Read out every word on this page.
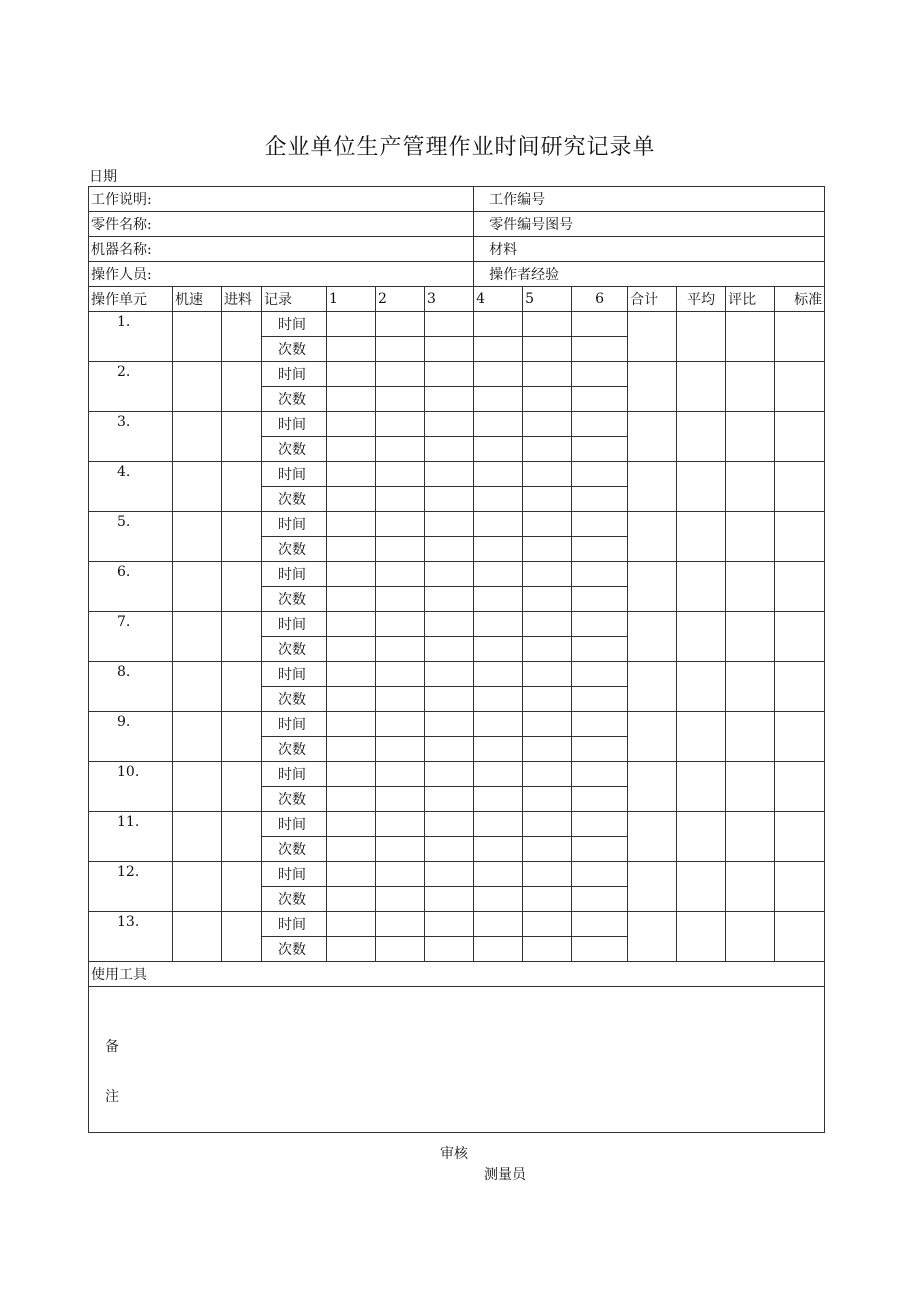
企业单位生产管理作业时间研究记录单
日期
工作说明:							工作编号						
零件名称:							零件编号图号						
机器名称:							材料						
操作人员:							操作者经验						
操作单元	机速	进料	记录	1	2	3	4	5	6	合计	平均	评比	标准
1.			时间										
			次数										
2.			时间										
			次数										
3.			时间										
			次数										
4.			时间										
			次数										
5.			时间										
			次数										
6.			时间										
			次数										
7.			时间										
			次数										
8.			时间										
			次数										
9.			时间										
			次数										
10.			时间										
			次数										
11.			时间										
			次数										
12.			时间										
			次数										
13.			时间										
			次数										
使用工具													

备
注
审核
测量员
